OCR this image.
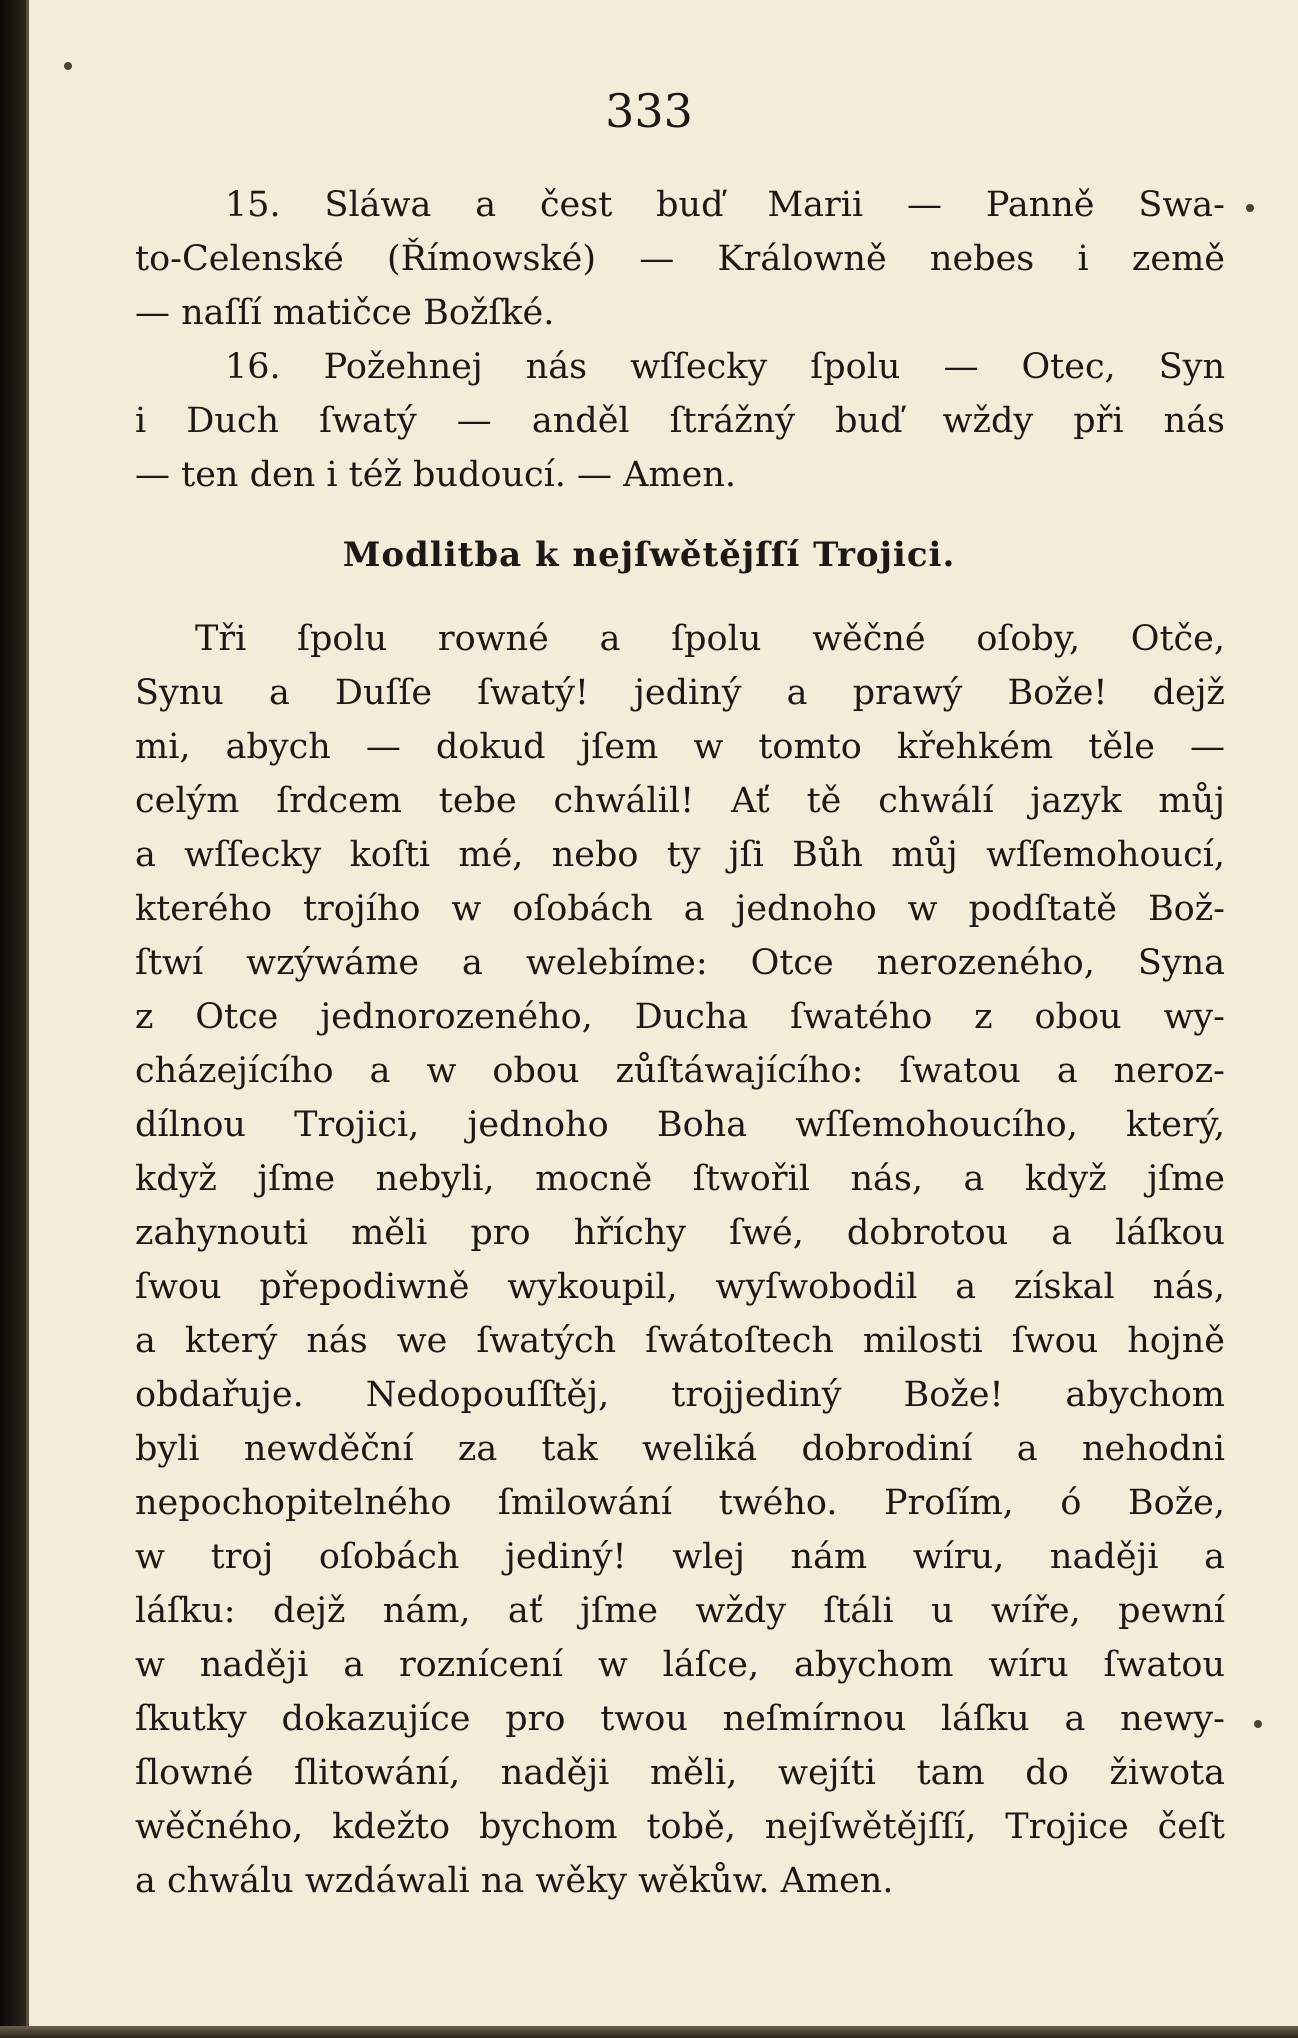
333

15. Sláwa a čest buď Marii — Panně Swa-
to-Celenské (Římowské) — Králowně nebes i země
— naſſí matičce Božſké.
16. Požehnej nás wſſecky ſpolu — Otec, Syn
i Duch ſwatý — anděl ſtrážný buď wždy při nás
— ten den i též budoucí. — Amen.

Modlitba k nejſwětějſſí Trojici.

Tři ſpolu rowné a ſpolu wěčné oſoby, Otče,
Synu a Duſſe ſwatý! jediný a prawý Bože! dejž
mi, abych — dokud jſem w tomto křehkém těle —
celým ſrdcem tebe chwálil! Ať tě chwálí jazyk můj
a wſſecky koſti mé, nebo ty jſi Bůh můj wſſemohoucí,
kterého trojího w oſobách a jednoho w podſtatě Bož-
ſtwí wzýwáme a welebíme: Otce nerozeného, Syna
z Otce jednorozeného, Ducha ſwatého z obou wy-
cházejícího a w obou zůſtáwajícího: ſwatou a neroz-
dílnou Trojici, jednoho Boha wſſemohoucího, který,
když jſme nebyli, mocně ſtwořil nás, a když jſme
zahynouti měli pro hříchy ſwé, dobrotou a láſkou
ſwou přepodiwně wykoupil, wyſwobodil a získal nás,
a který nás we ſwatých ſwátoſtech milosti ſwou hojně
obdařuje. Nedopouſſtěj, trojjediný Bože! abychom
byli newděční za tak weliká dobrodiní a nehodni
nepochopitelného ſmilowání twého. Proſím, ó Bože,
w troj oſobách jediný! wlej nám wíru, naději a
láſku: dejž nám, ať jſme wždy ſtáli u wíře, pewní
w naději a roznícení w láſce, abychom wíru ſwatou
ſkutky dokazujíce pro twou neſmírnou láſku a newy-
ſlowné ſlitowání, naději měli, wejíti tam do žiwota
wěčného, kdežto bychom tobě, nejſwětějſſí, Trojice čeſt
a chwálu wzdáwali na wěky wěkůw. Amen.
